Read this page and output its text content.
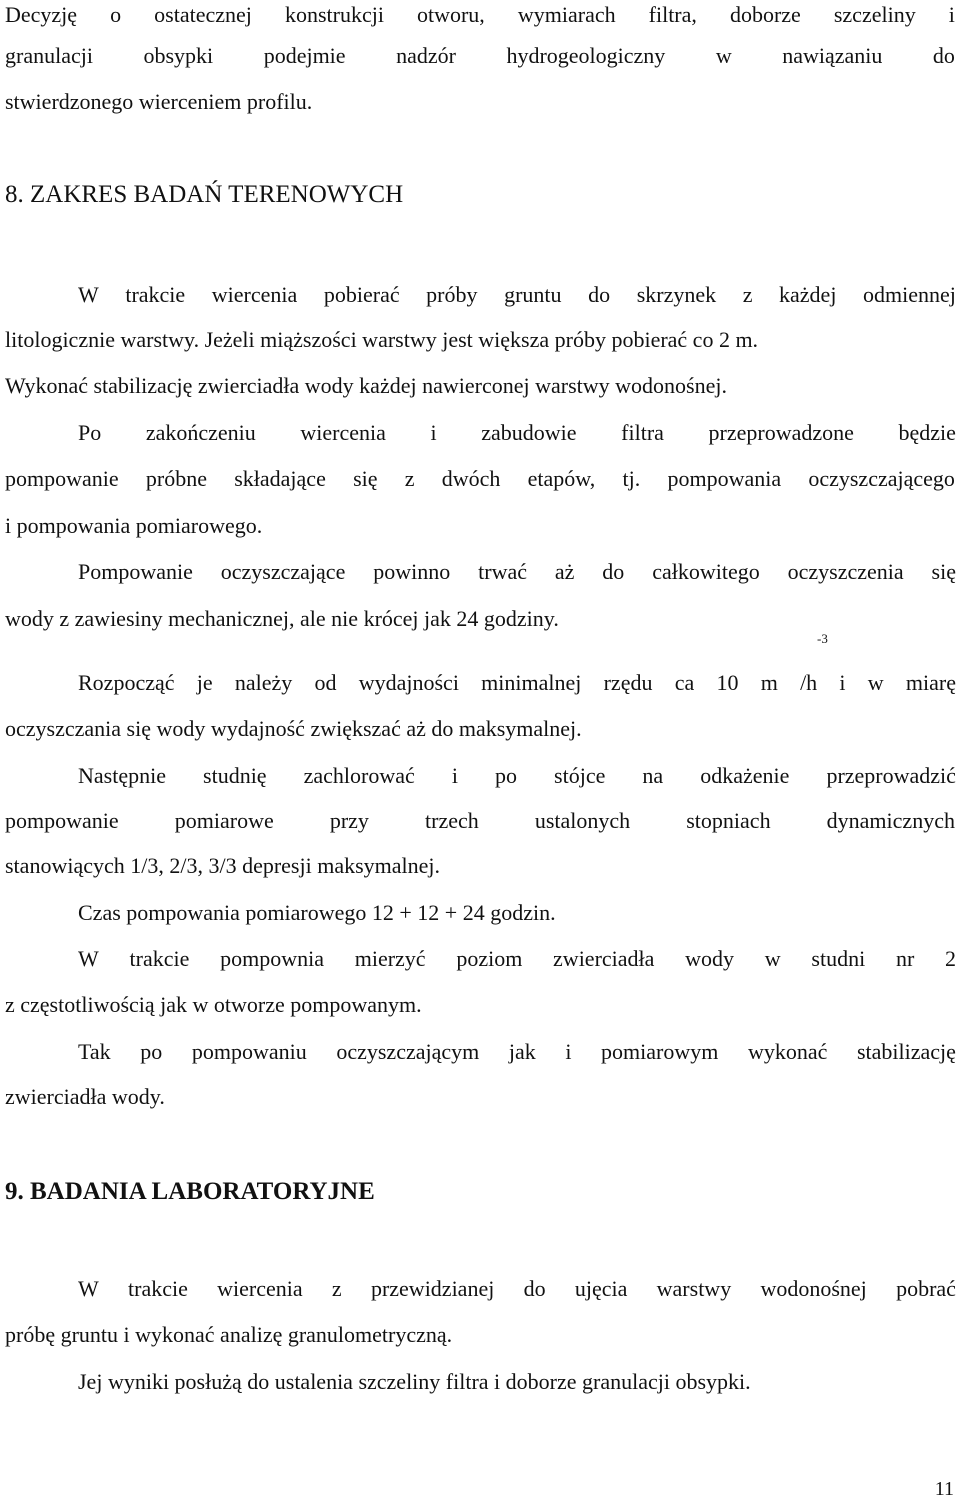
Decyzję o ostatecznej konstrukcji otworu, wymiarach filtra, doborze szczeliny i
granulacji obsypki podejmie nadzór hydrogeologiczny w nawiązaniu do
stwierdzonego wierceniem profilu.
8. ZAKRES BADAŃ TERENOWYCH
W trakcie wiercenia pobierać próby gruntu do skrzynek z każdej odmiennej
litologicznie warstwy. Jeżeli miąższości warstwy jest większa próby pobierać co 2 m.
Wykonać stabilizację zwierciadła wody każdej nawierconej warstwy wodonośnej.
Po zakończeniu wiercenia i zabudowie filtra przeprowadzone będzie
pompowanie próbne składające się z dwóch etapów, tj. pompowania oczyszczającego
i pompowania pomiarowego.
Pompowanie oczyszczające powinno trwać aż do całkowitego oczyszczenia się
wody z zawiesiny mechanicznej, ale nie krócej jak 24 godziny.
-3
Rozpocząć je należy od wydajności minimalnej rzędu ca 10 m /h i w miarę
oczyszczania się wody wydajność zwiększać aż do maksymalnej.
Następnie studnię zachlorować i po stójce na odkażenie przeprowadzić
pompowanie	pomiarowe	przy	trzech	ustalonych	stopniach	dynamicznych
stanowiących 1/3, 2/3, 3/3 depresji maksymalnej.
Czas pompowania pomiarowego 12 + 12 + 24 godzin.
W trakcie pompownia mierzyć poziom zwierciadła wody w studni nr 2
z częstotliwością jak w otworze pompowanym.
Tak po pompowaniu oczyszczającym jak i pomiarowym wykonać stabilizację
zwierciadła wody.
9. BADANIA LABORATORYJNE
W trakcie wiercenia z przewidzianej do ujęcia warstwy wodonośnej pobrać
próbę gruntu i wykonać analizę granulometryczną.
Jej wyniki posłużą do ustalenia szczeliny filtra i doborze granulacji obsypki.
11
